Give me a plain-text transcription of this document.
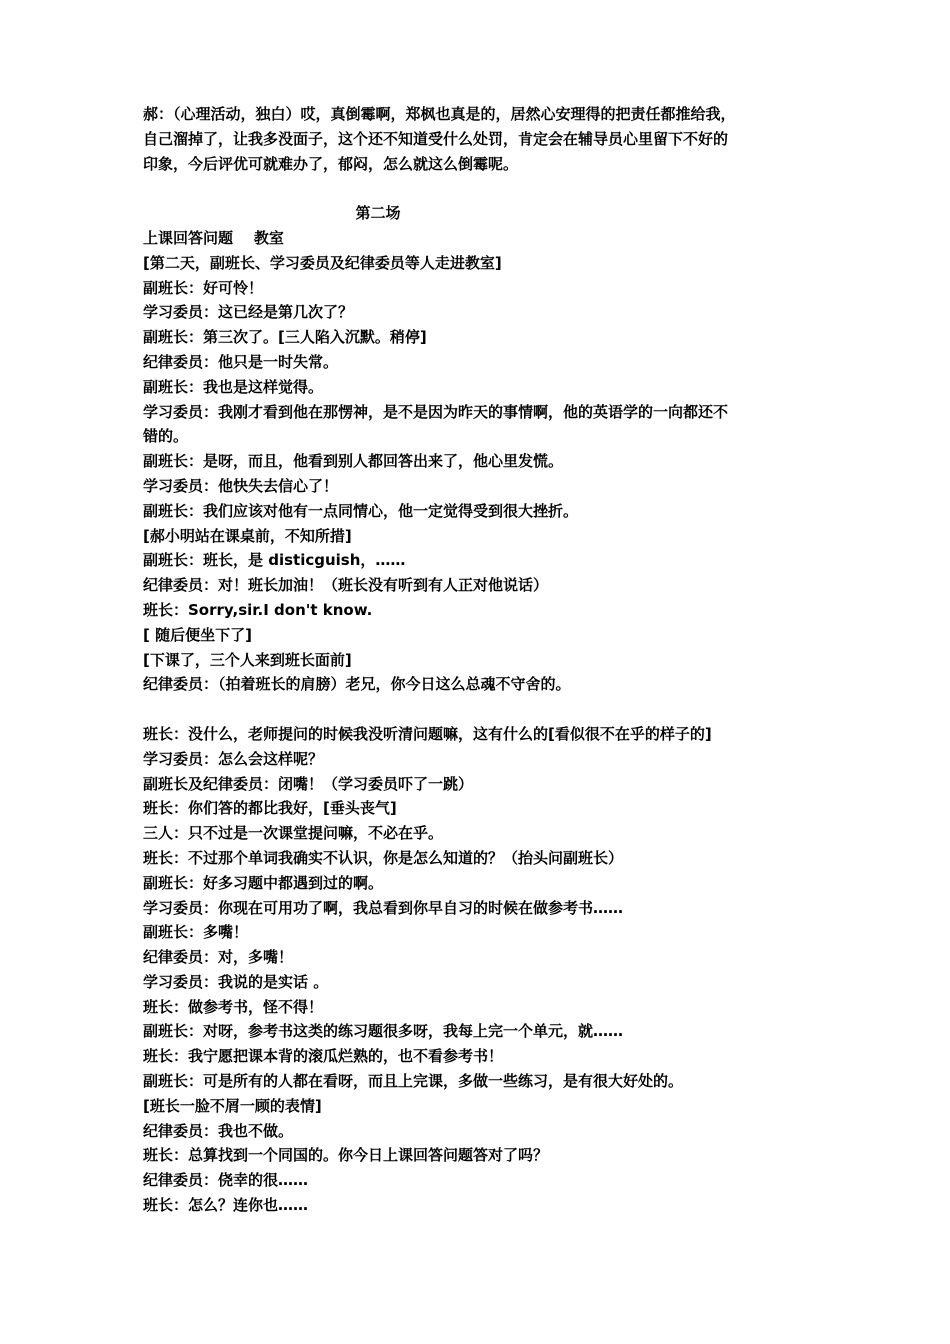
郝：（心理活动，独白）哎，真倒霉啊，郑枫也真是的，居然心安理得的把责任都推给我，
自己溜掉了，让我多没面子，这个还不知道受什么处罚，肯定会在辅导员心里留下不好的
印象，今后评优可就难办了，郁闷，怎么就这么倒霉呢。
第二场
上课回答问题    教室
[第二天，副班长、学习委员及纪律委员等人走进教室]
副班长：好可怜！
学习委员：这已经是第几次了？
副班长：第三次了。[三人陷入沉默。稍停]
纪律委员：他只是一时失常。
副班长：我也是这样觉得。
学习委员：我刚才看到他在那愣神，是不是因为昨天的事情啊，他的英语学的一向都还不
错的。
副班长：是呀，而且，他看到别人都回答出来了，他心里发慌。
学习委员：他快失去信心了！
副班长：我们应该对他有一点同情心，他一定觉得受到很大挫折。
[郝小明站在课桌前，不知所措]
副班长：班长，是 disticguish，……
纪律委员：对！班长加油！（班长没有听到有人正对他说话）
班长：Sorry,sir.I don't know.
[ 随后便坐下了]
[下课了，三个人来到班长面前]
纪律委员：（拍着班长的肩膀）老兄，你今日这么总魂不守舍的。
班长：没什么，老师提问的时候我没听清问题嘛，这有什么的[看似很不在乎的样子的]
学习委员：怎么会这样呢？
副班长及纪律委员：闭嘴！（学习委员吓了一跳）
班长：你们答的都比我好，[垂头丧气]
三人：只不过是一次课堂提问嘛，不必在乎。
班长：不过那个单词我确实不认识，你是怎么知道的？（抬头问副班长）
副班长：好多习题中都遇到过的啊。
学习委员：你现在可用功了啊，我总看到你早自习的时候在做参考书……
副班长：多嘴！
纪律委员：对，多嘴！
学习委员：我说的是实话 。
班长：做参考书，怪不得！
副班长：对呀，参考书这类的练习题很多呀，我每上完一个单元，就……
班长：我宁愿把课本背的滚瓜烂熟的，也不看参考书！
副班长：可是所有的人都在看呀，而且上完课，多做一些练习，是有很大好处的。
[班长一脸不屑一顾的表情]
纪律委员：我也不做。
班长：总算找到一个同国的。你今日上课回答问题答对了吗？
纪律委员：侥幸的很……
班长：怎么？连你也……
